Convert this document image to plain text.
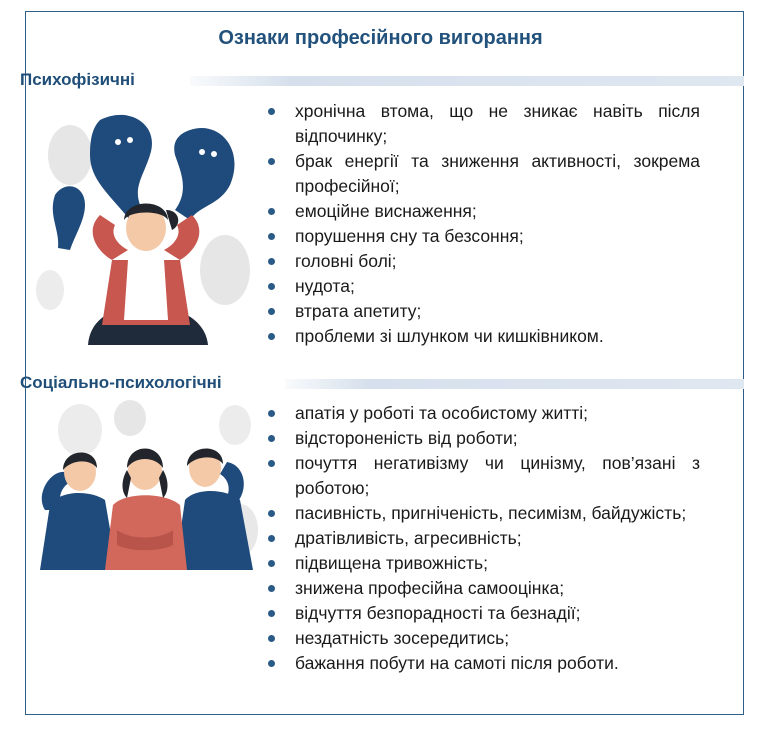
Ознаки професійного вигорання
Психофізичні
хронічна втома, що не зникає навіть після відпочинку;
брак енергії та зниження активності, зокрема професійної;
емоційне виснаження;
порушення сну та безсоння;
головні болі;
нудота;
втрата апетиту;
проблеми зі шлунком чи кишківником.
Соціально-психологічні
апатія у роботі та особистому житті;
відстороненість від роботи;
почуття негативізму чи цинізму, пов’язані з роботою;
пасивність, пригніченість, песимізм, байдужість;
дратівливість, агресивність;
підвищена тривожність;
знижена професійна самооцінка;
відчуття безпорадності та безнадії;
нездатність зосередитись;
бажання побути на самоті після роботи.
